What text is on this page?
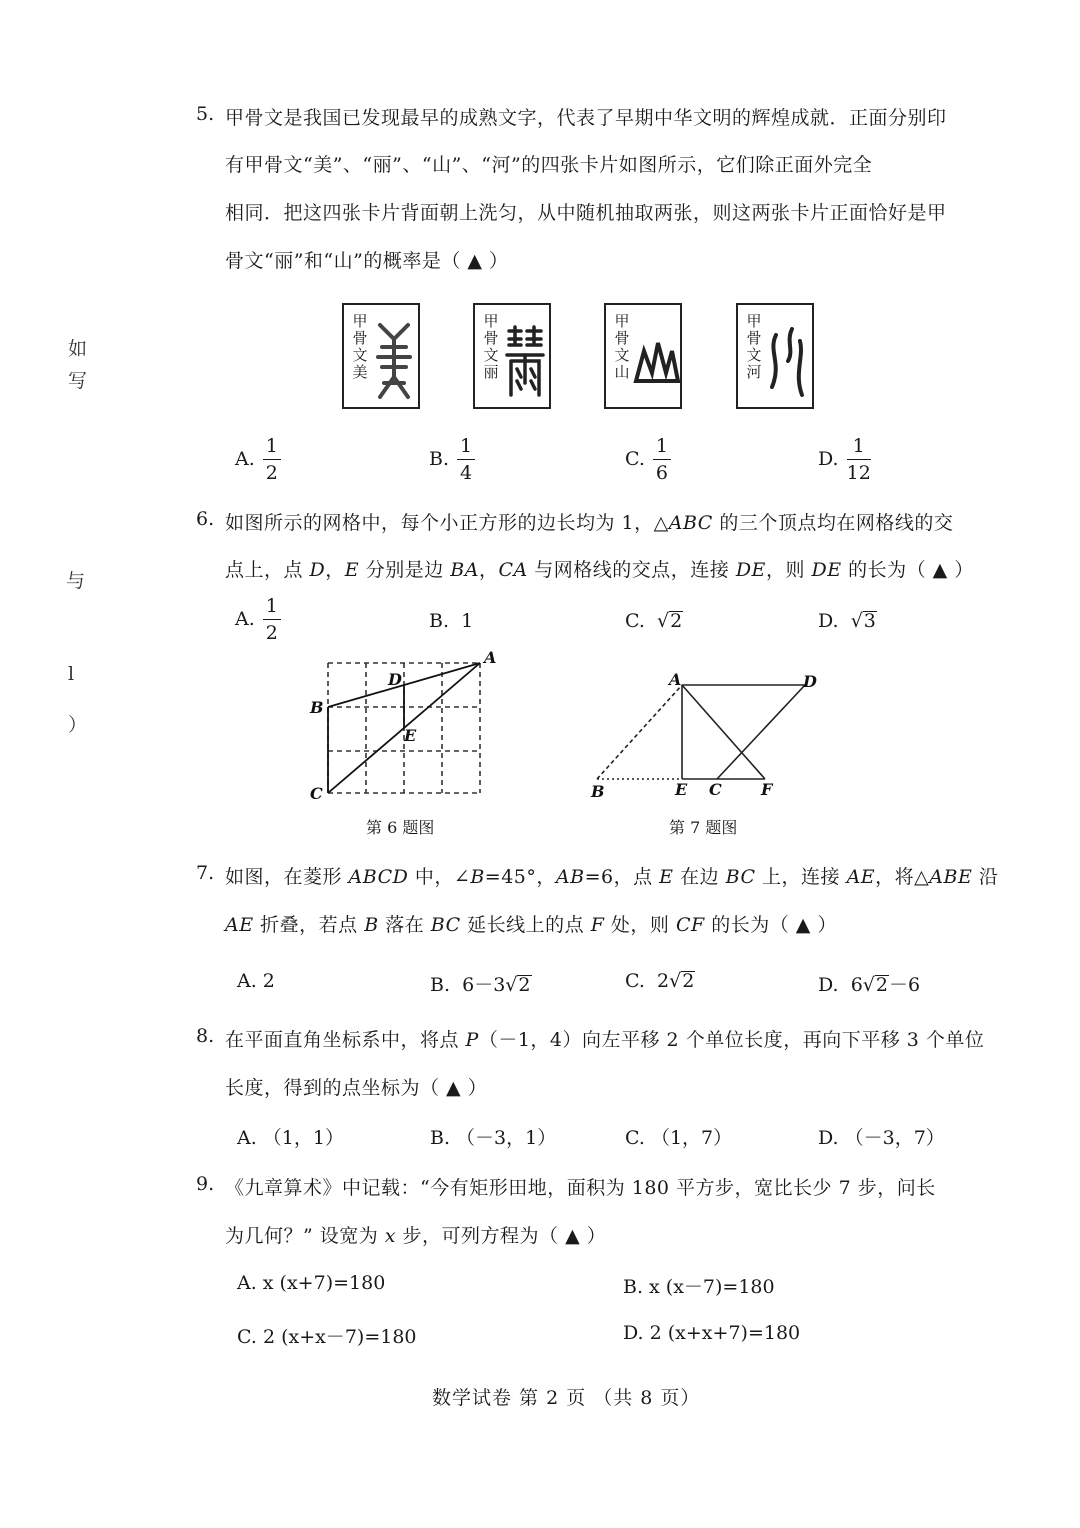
如
写
与
l
）
5. 甲骨文是我国已发现最早的成熟文字，代表了早期中华文明的辉煌成就．正面分别印
有甲骨文“美”、“丽”、“山”、“河”的四张卡片如图所示，它们除正面外完全
相同．把这四张卡片背面朝上洗匀，从中随机抽取两张，则这两张卡片正面恰好是甲
骨文“丽”和“山”的概率是（ ▲ ）
甲骨文美
甲骨文丽
甲骨文山
甲骨文河
A. $\frac{1}{2}$	B. $\frac{1}{4}$	C. $\frac{1}{6}$	D. $\frac{1}{12}$
6. 如图所示的网格中，每个小正方形的边长均为 1，△ABC 的三个顶点均在网格线的交
点上，点 D，E 分别是边 BA，CA 与网格线的交点，连接 DE，则 DE 的长为（ ▲ ）
A. $\frac{1}{2}$	B. 1	C.  √2	D.  √3
A
B
C
D
E
第 6 题图
A	D
B	E C F
第 7 题图
7. 如图，在菱形 ABCD 中，∠B=45°，AB=6，点 E 在边 BC 上，连接 AE，将△ABE 沿
AE 折叠，若点 B 落在 BC 延长线上的点 F 处，则 CF 的长为（ ▲ ）
A. 2	B. 6－3√2	C. 2√2	D. 6√2－6
8. 在平面直角坐标系中，将点 P（－1，4）向左平移 2 个单位长度，再向下平移 3 个单位
长度，得到的点坐标为（ ▲ ）
A. （1，1）	B. （－3，1）	C. （1，7）	D. （－3，7）
9. 《九章算术》中记载：“今有矩形田地，面积为 180 平方步，宽比长少 7 步，问长
为几何？” 设宽为 x 步，可列方程为（ ▲ ）
A. x (x+7)=180	B. x (x－7)=180
C. 2 (x+x－7)=180	D. 2 (x+x+7)=180
数学试卷 第 2 页 （共 8 页）
